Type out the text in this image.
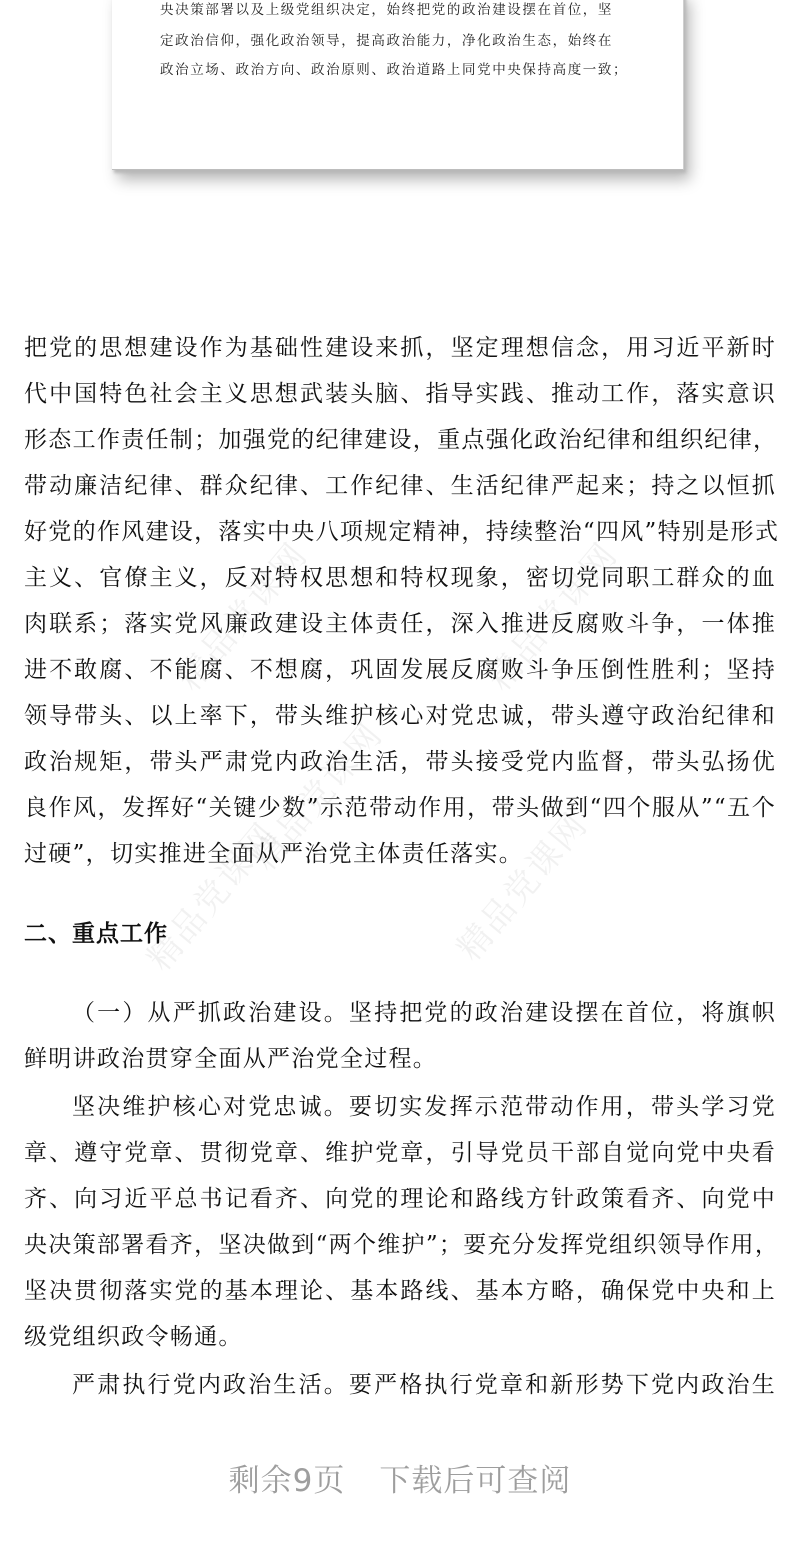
央决策部署以及上级党组织决定，始终把党的政治建设摆在首位，坚
定政治信仰，强化政治领导，提高政治能力，净化政治生态，始终在
政治立场、政治方向、政治原则、政治道路上同党中央保持高度一致；
精品党课网	精品党课网
精品党课网
精品党课网	精品党课网
把党的思想建设作为基础性建设来抓，坚定理想信念，用习近平新时
代中国特色社会主义思想武装头脑、指导实践、推动工作，落实意识
形态工作责任制；加强党的纪律建设，重点强化政治纪律和组织纪律，
带动廉洁纪律、群众纪律、工作纪律、生活纪律严起来；持之以恒抓
好党的作风建设，落实中央八项规定精神，持续整治“四风”特别是形式
主义、官僚主义，反对特权思想和特权现象，密切党同职工群众的血
肉联系；落实党风廉政建设主体责任，深入推进反腐败斗争，一体推
进不敢腐、不能腐、不想腐，巩固发展反腐败斗争压倒性胜利；坚持
领导带头、以上率下，带头维护核心对党忠诚，带头遵守政治纪律和
政治规矩，带头严肃党内政治生活，带头接受党内监督，带头弘扬优
良作风，发挥好“关键少数”示范带动作用，带头做到“四个服从”“五个
过硬”，切实推进全面从严治党主体责任落实。
二、重点工作
（一）从严抓政治建设。坚持把党的政治建设摆在首位，将旗帜
鲜明讲政治贯穿全面从严治党全过程。
坚决维护核心对党忠诚。要切实发挥示范带动作用，带头学习党
章、遵守党章、贯彻党章、维护党章，引导党员干部自觉向党中央看
齐、向习近平总书记看齐、向党的理论和路线方针政策看齐、向党中
央决策部署看齐，坚决做到“两个维护”；要充分发挥党组织领导作用，
坚决贯彻落实党的基本理论、基本路线、基本方略，确保党中央和上
级党组织政令畅通。
严肃执行党内政治生活。要严格执行党章和新形势下党内政治生
剩余9页 下载后可查阅
